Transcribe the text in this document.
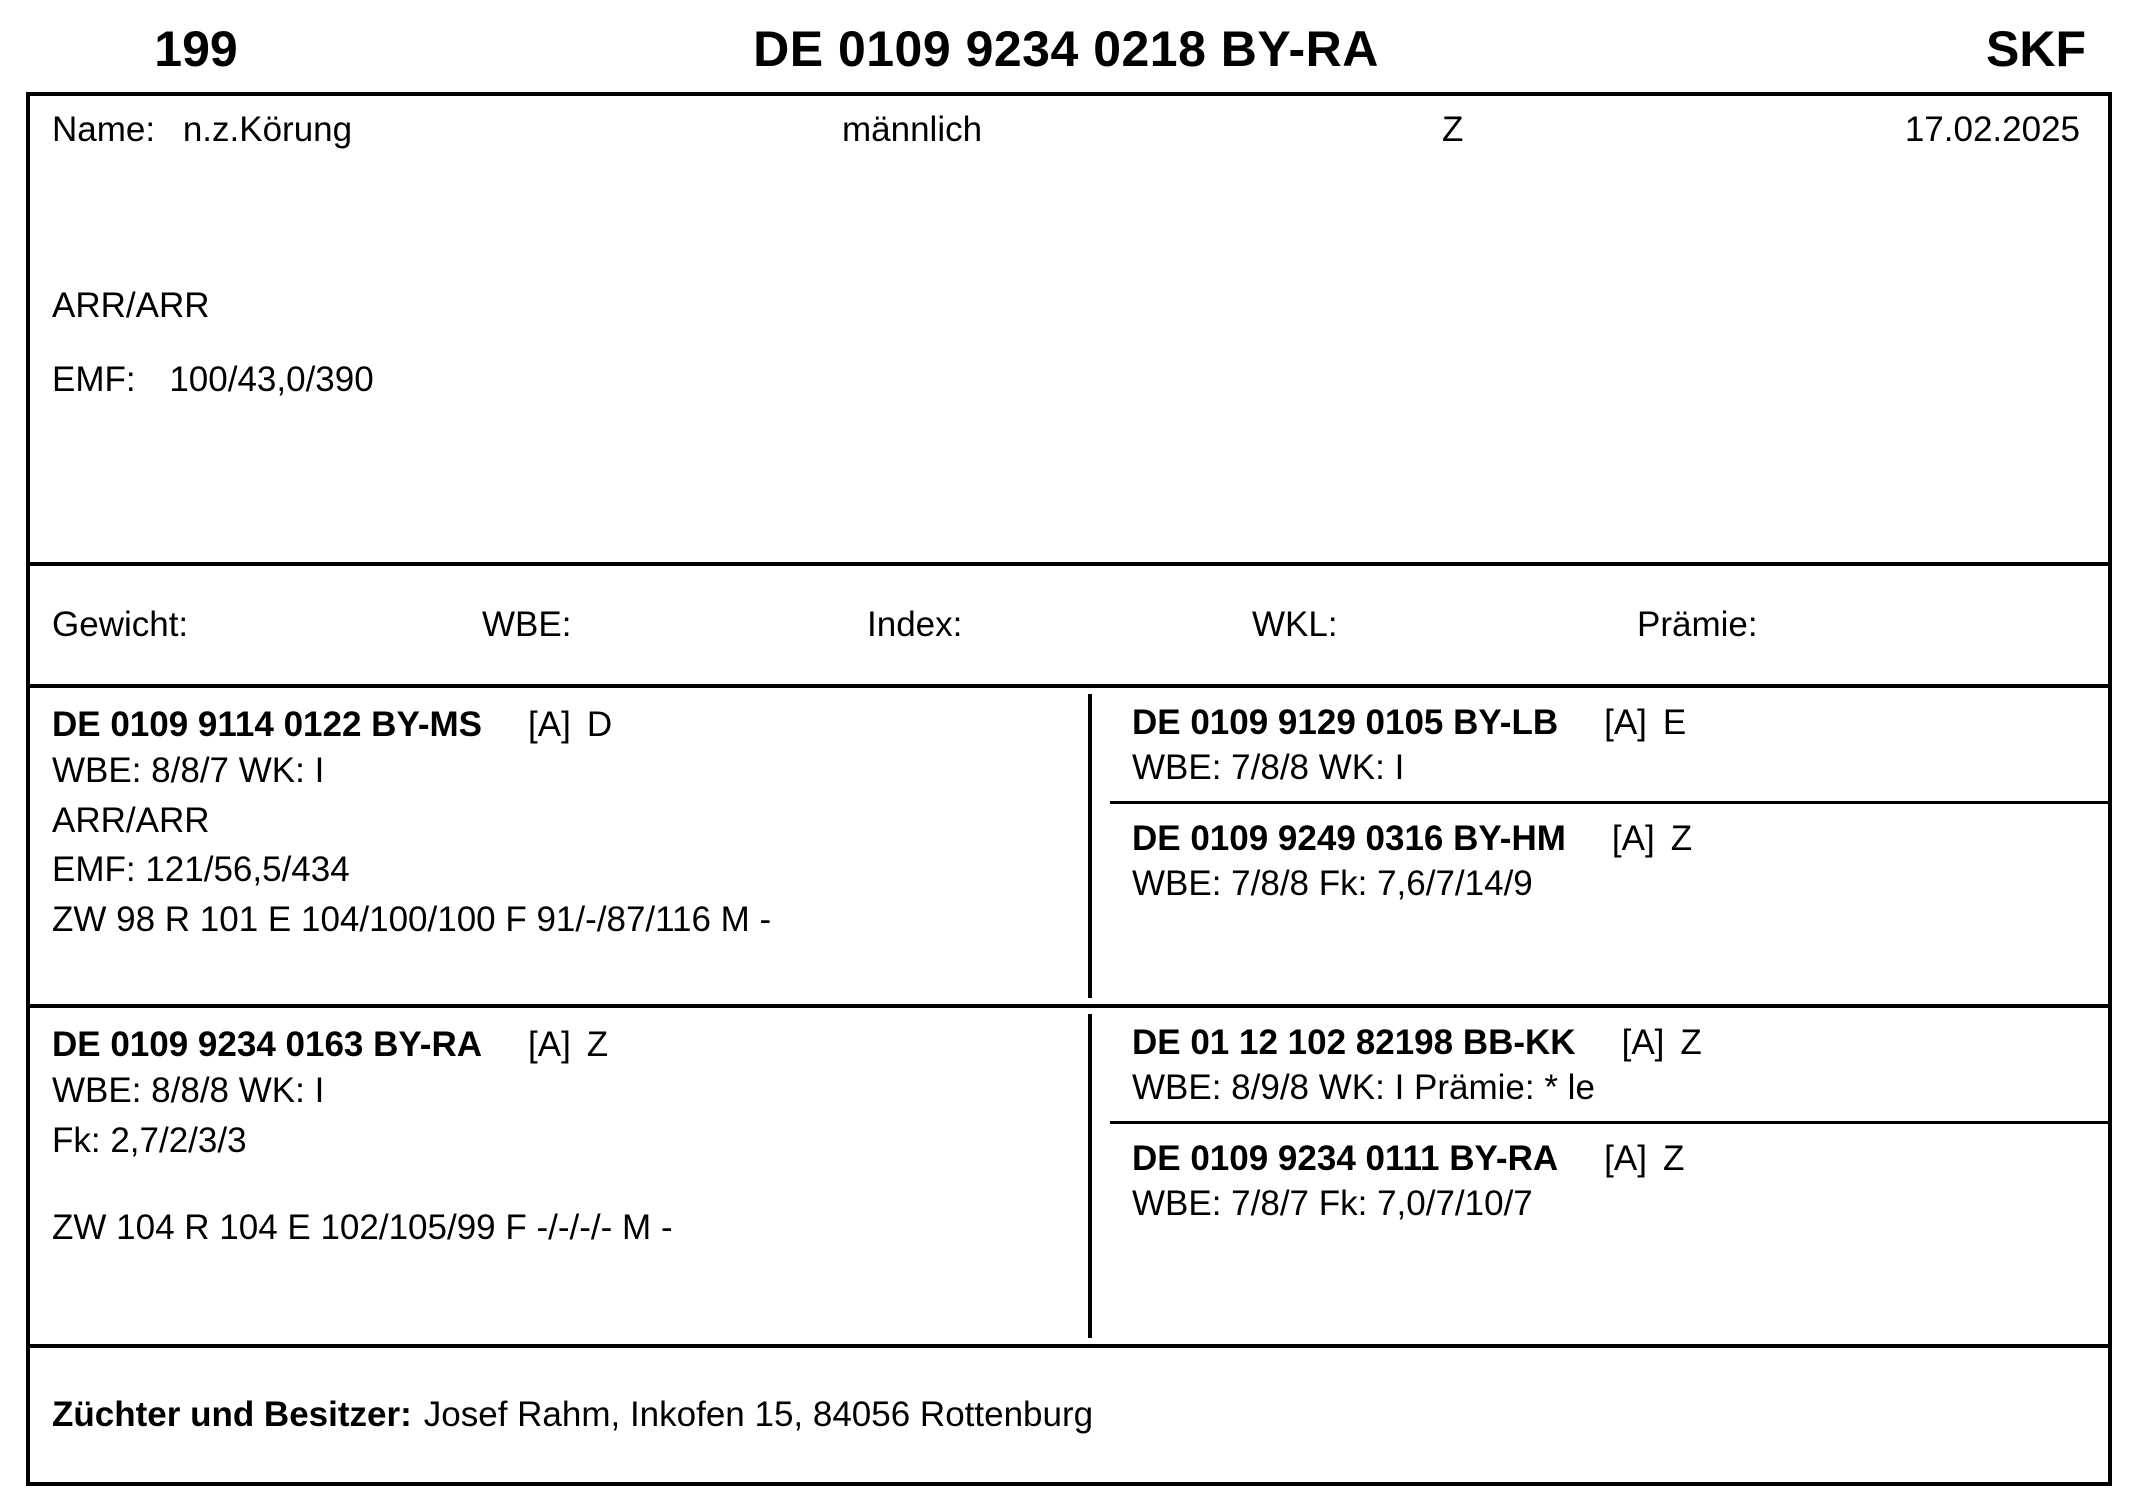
199	DE 0109 9234 0218 BY-RA	SKF
Name: n.z.Körung	männlich	Z	17.02.2025
ARR/ARR
EMF: 100/43,0/390
Gewicht:	WBE:	Index:	WKL:	Prämie:
DE 0109 9114 0122 BY-MS [A] D
WBE: 8/8/7 WK: I
ARR/ARR
EMF: 121/56,5/434
ZW 98 R 101 E 104/100/100 F 91/-/87/116 M -
DE 0109 9129 0105 BY-LB [A] E
WBE: 7/8/8 WK: I
DE 0109 9249 0316 BY-HM [A] Z
WBE: 7/8/8 Fk: 7,6/7/14/9
DE 0109 9234 0163 BY-RA [A] Z
WBE: 8/8/8 WK: I
Fk: 2,7/2/3/3
ZW 104 R 104 E 102/105/99 F -/-/-/- M -
DE 01 12 102 82198 BB-KK [A] Z
WBE: 8/9/8 WK: I Prämie: * le
DE 0109 9234 0111 BY-RA [A] Z
WBE: 7/8/7 Fk: 7,0/7/10/7
Züchter und Besitzer: Josef Rahm, Inkofen 15, 84056 Rottenburg
